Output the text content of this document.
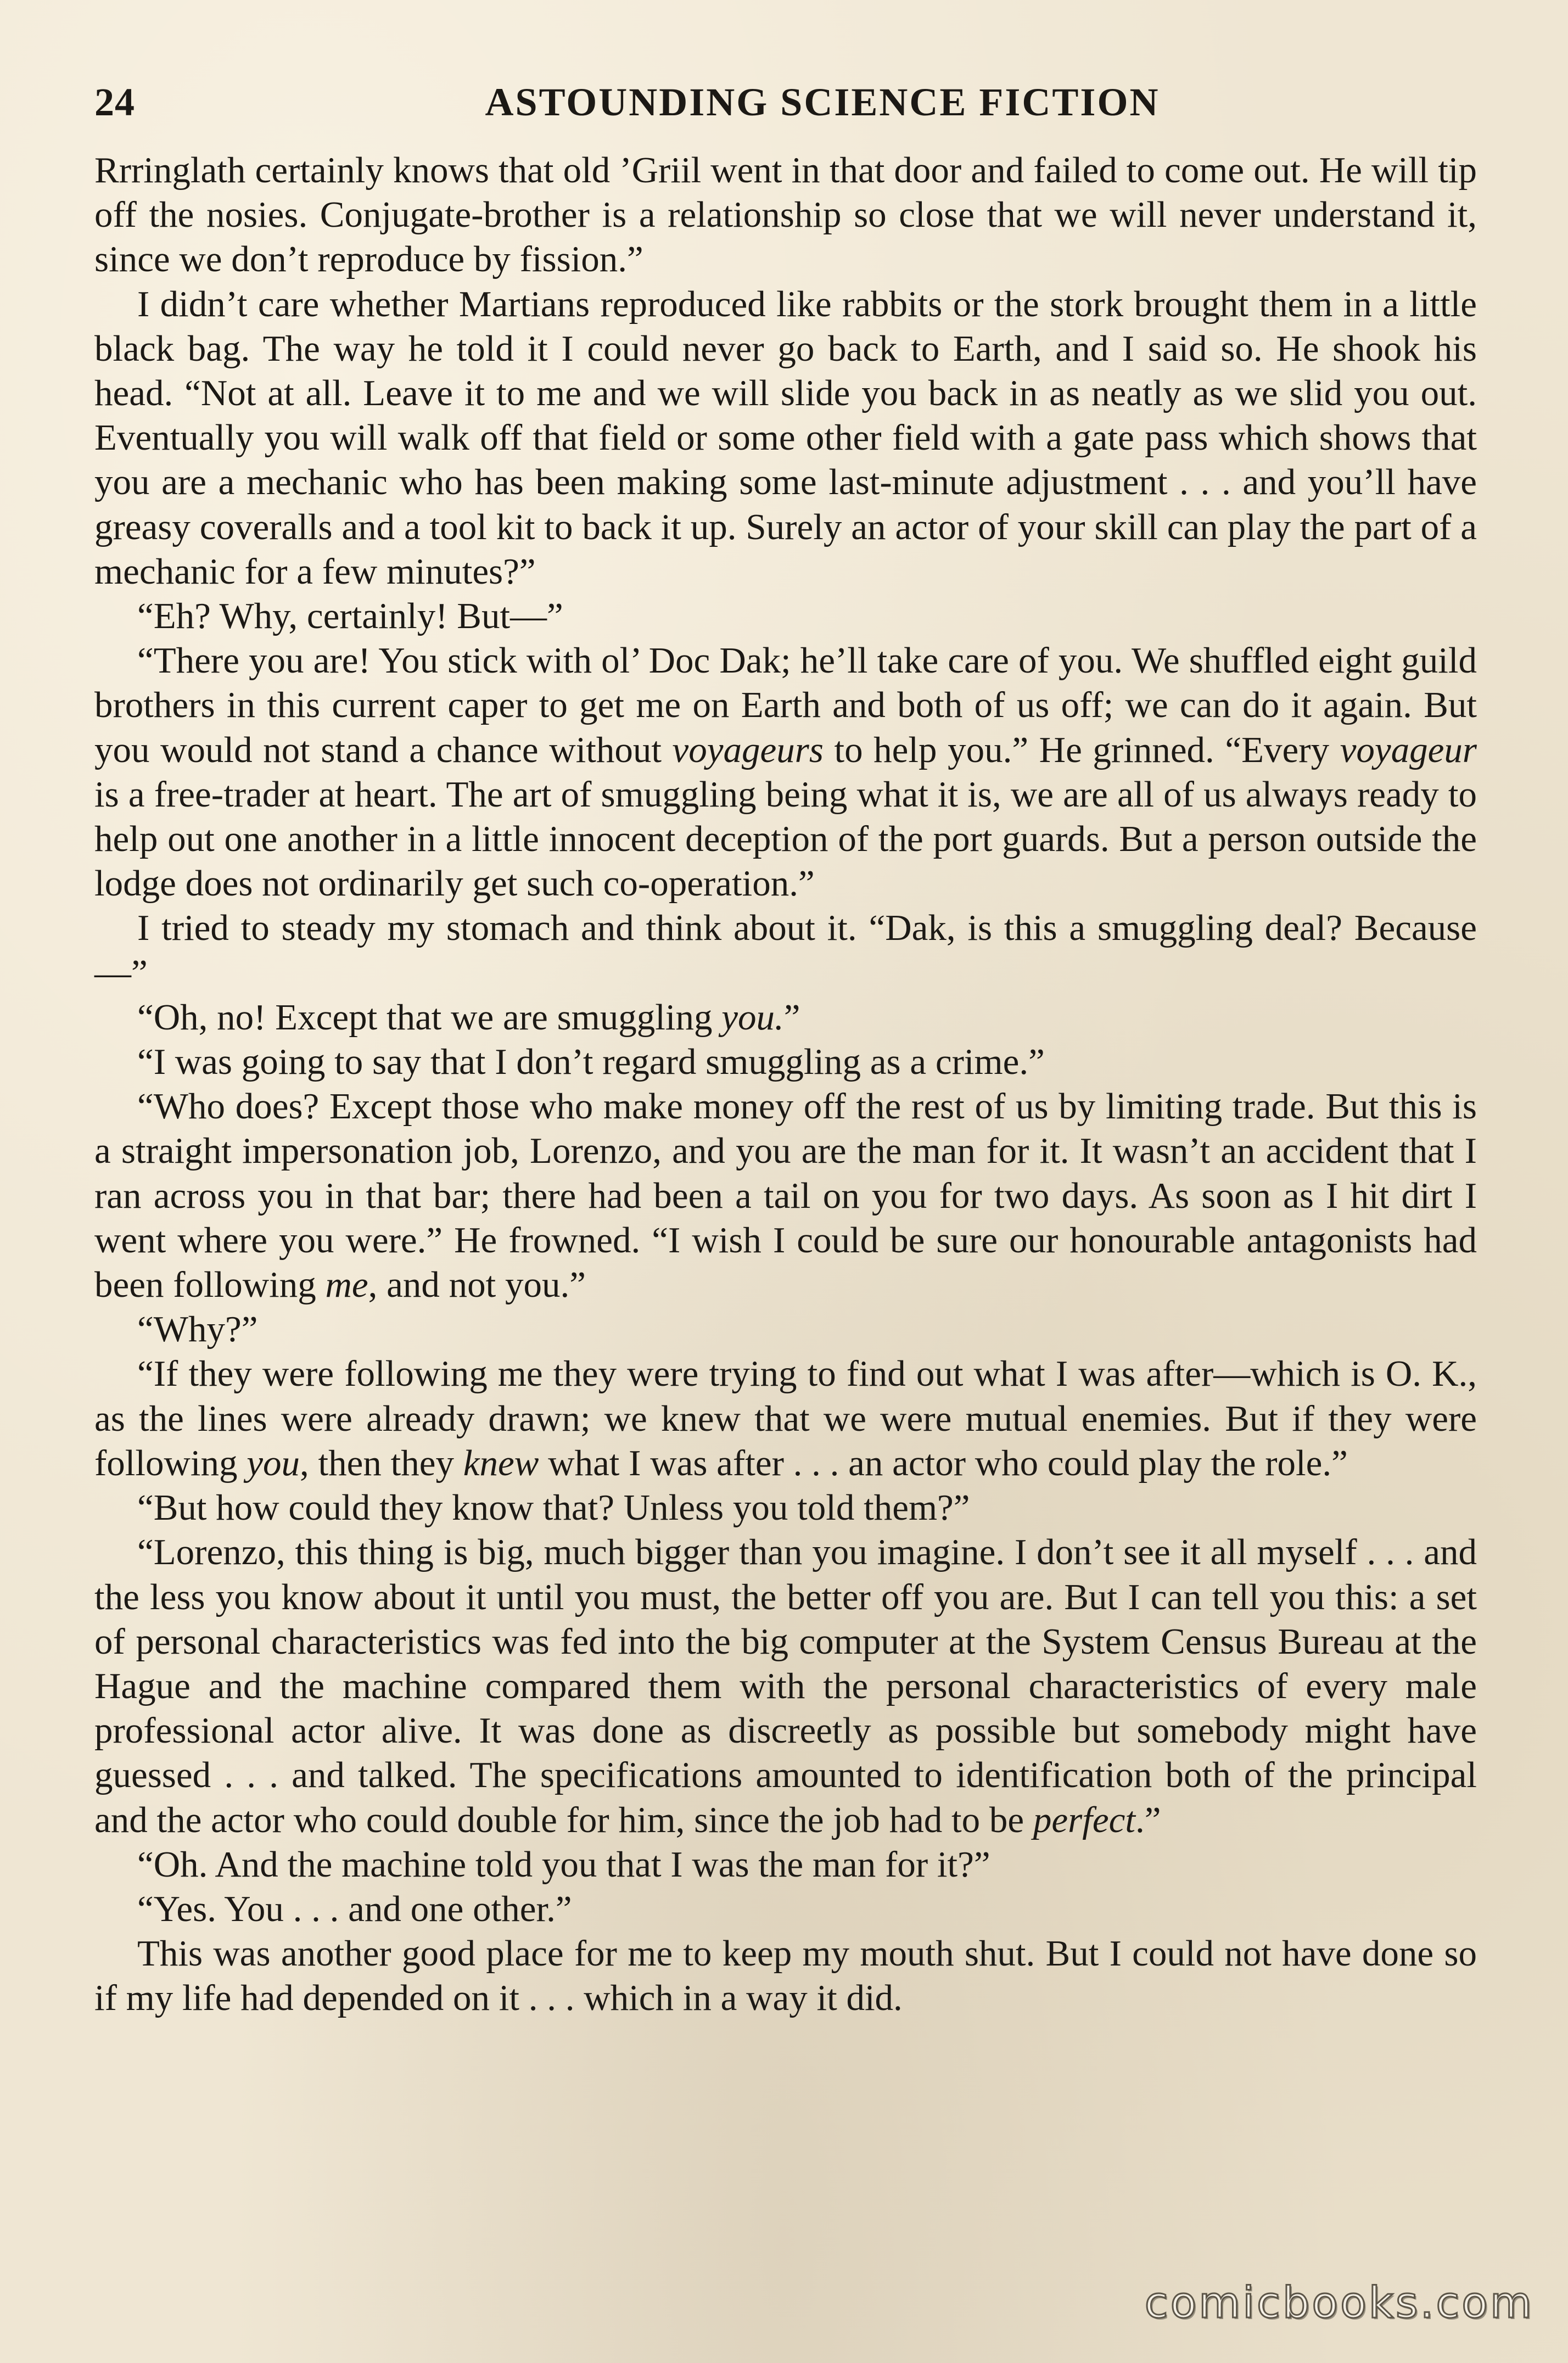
24	ASTOUNDING SCIENCE FICTION

Rrringlath certainly knows that old ’Griil went in that door and failed to come out. He will tip off the nosies. Conjugate-brother is a relationship so close that we will never understand it, since we don’t reproduce by fission.”

I didn’t care whether Martians reproduced like rabbits or the stork brought them in a little black bag. The way he told it I could never go back to Earth, and I said so. He shook his head. “Not at all. Leave it to me and we will slide you back in as neatly as we slid you out. Eventually you will walk off that field or some other field with a gate pass which shows that you are a mechanic who has been making some last-minute adjustment . . . and you’ll have greasy coveralls and a tool kit to back it up. Surely an actor of your skill can play the part of a mechanic for a few minutes?”

“Eh? Why, certainly! But—”

“There you are! You stick with ol’ Doc Dak; he’ll take care of you. We shuffled eight guild brothers in this current caper to get me on Earth and both of us off; we can do it again. But you would not stand a chance without voyageurs to help you.” He grinned. “Every voyageur is a free-trader at heart. The art of smuggling being what it is, we are all of us always ready to help out one another in a little innocent deception of the port guards. But a person outside the lodge does not ordinarily get such co-operation.”

I tried to steady my stomach and think about it. “Dak, is this a smuggling deal? Because—”

“Oh, no! Except that we are smuggling you.”

“I was going to say that I don’t regard smuggling as a crime.”

“Who does? Except those who make money off the rest of us by limiting trade. But this is a straight impersonation job, Lorenzo, and you are the man for it. It wasn’t an accident that I ran across you in that bar; there had been a tail on you for two days. As soon as I hit dirt I went where you were.” He frowned. “I wish I could be sure our honourable antagonists had been following me, and not you.”

“Why?”

“If they were following me they were trying to find out what I was after—which is O. K., as the lines were already drawn; we knew that we were mutual enemies. But if they were following you, then they knew what I was after . . . an actor who could play the role.”

“But how could they know that? Unless you told them?”

“Lorenzo, this thing is big, much bigger than you imagine. I don’t see it all myself . . . and the less you know about it until you must, the better off you are. But I can tell you this: a set of personal characteristics was fed into the big computer at the System Census Bureau at the Hague and the machine compared them with the personal characteristics of every male professional actor alive. It was done as discreetly as possible but somebody might have guessed . . . and talked. The specifications amounted to identification both of the principal and the actor who could double for him, since the job had to be perfect.”

“Oh. And the machine told you that I was the man for it?”

“Yes. You . . . and one other.”

This was another good place for me to keep my mouth shut. But I could not have done so if my life had depended on it . . . which in a way it did.

comicbooks.com
